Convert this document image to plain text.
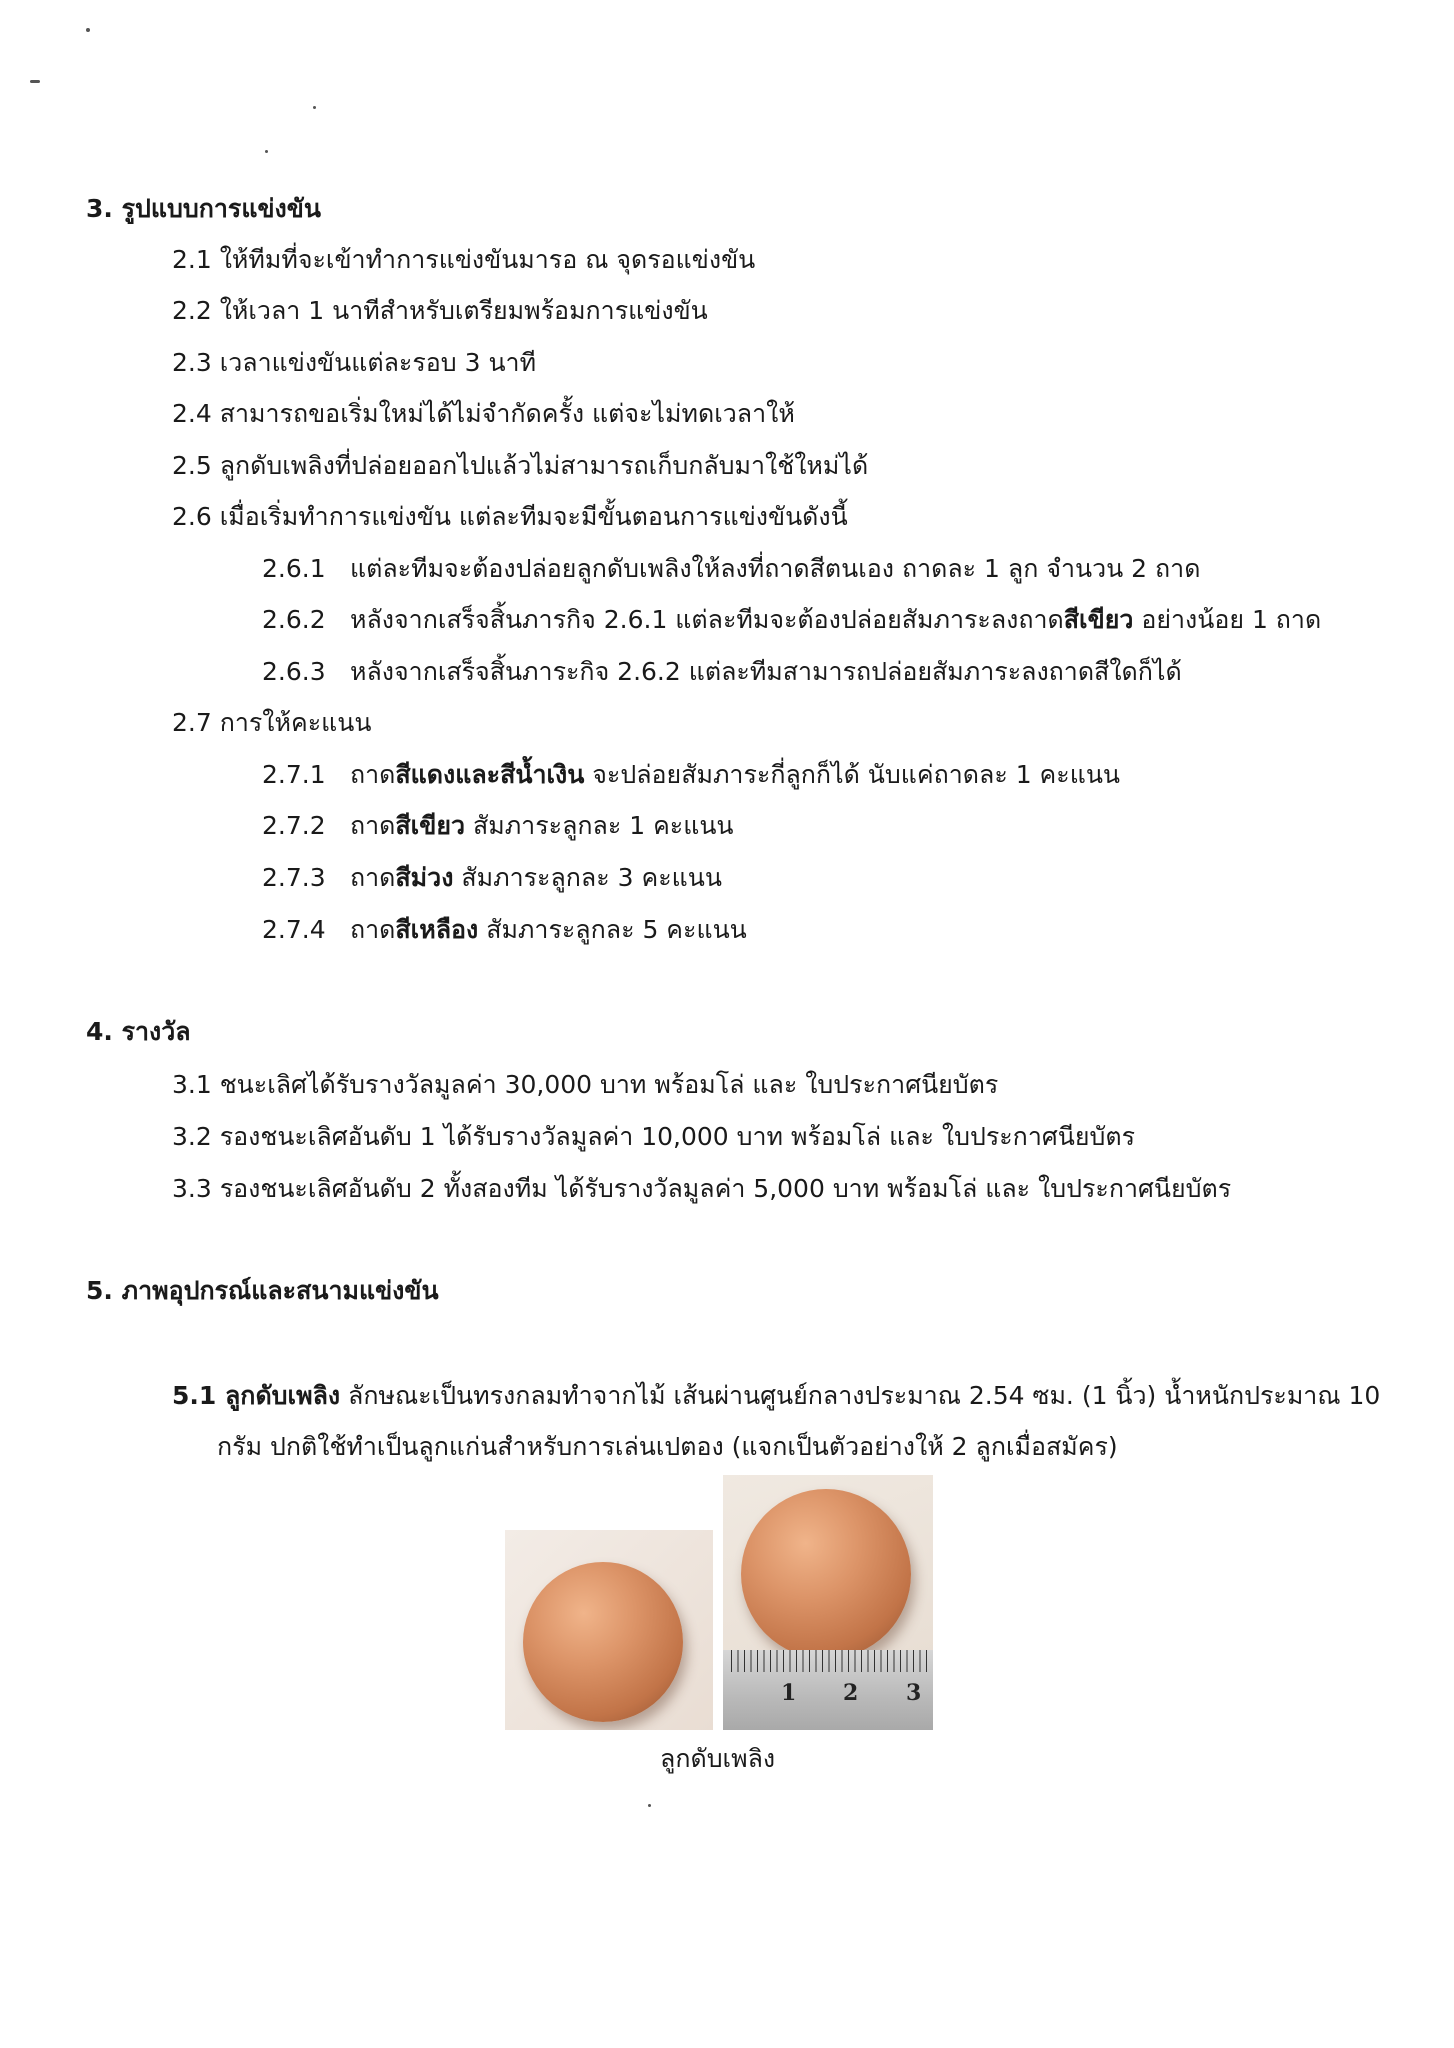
3. รูปแบบการแข่งขัน
2.1 ให้ทีมที่จะเข้าทำการแข่งขันมารอ ณ จุดรอแข่งขัน
2.2 ให้เวลา 1 นาทีสำหรับเตรียมพร้อมการแข่งขัน
2.3 เวลาแข่งขันแต่ละรอบ 3 นาที
2.4 สามารถขอเริ่มใหม่ได้ไม่จำกัดครั้ง แต่จะไม่ทดเวลาให้
2.5 ลูกดับเพลิงที่ปล่อยออกไปแล้วไม่สามารถเก็บกลับมาใช้ใหม่ได้
2.6 เมื่อเริ่มทำการแข่งขัน แต่ละทีมจะมีขั้นตอนการแข่งขันดังนี้
2.6.1 แต่ละทีมจะต้องปล่อยลูกดับเพลิงให้ลงที่ถาดสีตนเอง ถาดละ 1 ลูก จำนวน 2 ถาด
2.6.2 หลังจากเสร็จสิ้นภารกิจ 2.6.1 แต่ละทีมจะต้องปล่อยสัมภาระลงถาดสีเขียว อย่างน้อย 1 ถาด
2.6.3 หลังจากเสร็จสิ้นภาระกิจ 2.6.2 แต่ละทีมสามารถปล่อยสัมภาระลงถาดสีใดก็ได้
2.7 การให้คะแนน
2.7.1 ถาดสีแดงและสีน้ำเงิน จะปล่อยสัมภาระกี่ลูกก็ได้ นับแค่ถาดละ 1 คะแนน
2.7.2 ถาดสีเขียว สัมภาระลูกละ 1 คะแนน
2.7.3 ถาดสีม่วง สัมภาระลูกละ 3 คะแนน
2.7.4 ถาดสีเหลือง สัมภาระลูกละ 5 คะแนน
4. รางวัล
3.1 ชนะเลิศได้รับรางวัลมูลค่า 30,000 บาท พร้อมโล่ และ ใบประกาศนียบัตร
3.2 รองชนะเลิศอันดับ 1 ได้รับรางวัลมูลค่า 10,000 บาท พร้อมโล่ และ ใบประกาศนียบัตร
3.3 รองชนะเลิศอันดับ 2 ทั้งสองทีม ได้รับรางวัลมูลค่า 5,000 บาท พร้อมโล่ และ ใบประกาศนียบัตร
5. ภาพอุปกรณ์และสนามแข่งขัน
5.1 ลูกดับเพลิง ลักษณะเป็นทรงกลมทำจากไม้ เส้นผ่านศูนย์กลางประมาณ 2.54 ซม. (1 นิ้ว) น้ำหนักประมาณ 10
กรัม ปกติใช้ทำเป็นลูกแก่นสำหรับการเล่นเปตอง (แจกเป็นตัวอย่างให้ 2 ลูกเมื่อสมัคร)
1 2 3
ลูกดับเพลิง
